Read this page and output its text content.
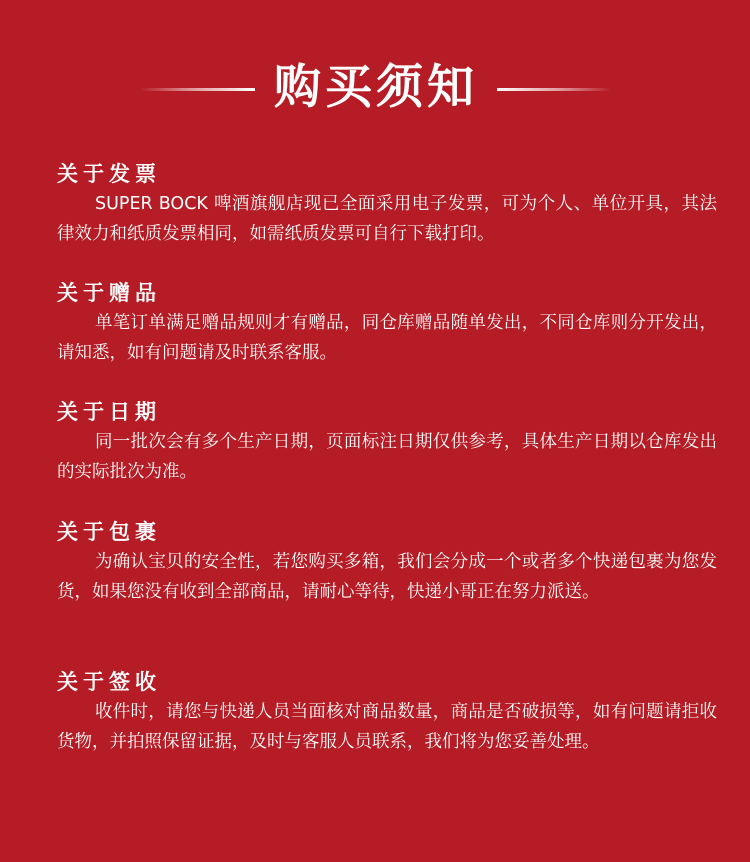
购买须知
关于发票

SUPER BOCK 啤酒旗舰店现已全面采用电子发票，可为个人、单位开具，其法律效力和纸质发票相同，如需纸质发票可自行下载打印。

关于赠品

单笔订单满足赠品规则才有赠品，同仓库赠品随单发出，不同仓库则分开发出，请知悉，如有问题请及时联系客服。

关于日期

同一批次会有多个生产日期，页面标注日期仅供参考，具体生产日期以仓库发出的实际批次为准。

关于包裹

为确认宝贝的安全性，若您购买多箱，我们会分成一个或者多个快递包裹为您发货，如果您没有收到全部商品，请耐心等待，快递小哥正在努力派送。

关于签收

收件时，请您与快递人员当面核对商品数量，商品是否破损等，如有问题请拒收货物，并拍照保留证据，及时与客服人员联系，我们将为您妥善处理。
